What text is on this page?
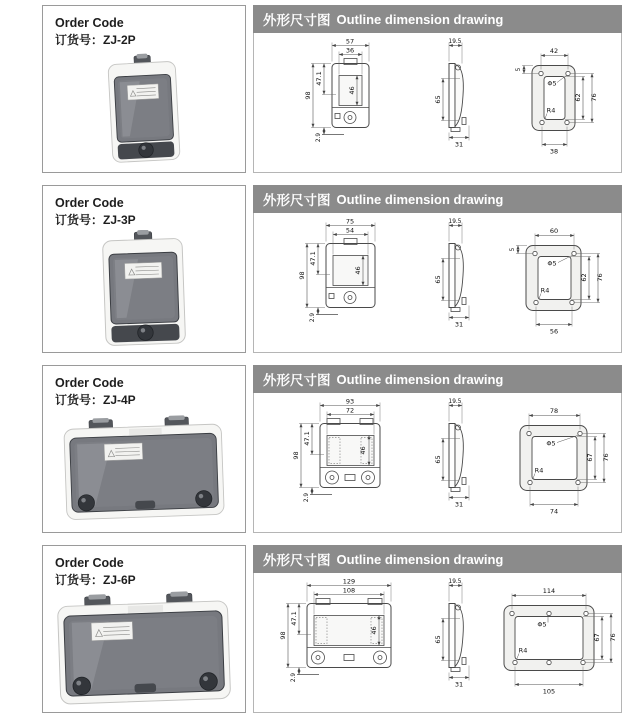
Order Code
订货号：ZJ-2P
外形尺寸图 Outline dimension drawing
57
36
98
47.1
46
2.9
19.5
65
31
42
38
62 76
Φ5
R4
5
Order Code
订货号：ZJ-3P
外形尺寸图 Outline dimension drawing
75
54
98
47.1
46
2.9
19.5
65
31
60
56
62 76
Φ5
R4
5
Order Code
订货号：ZJ-4P
外形尺寸图 Outline dimension drawing
93
72
98
47.1
46
2.9
19.5
65
31
78
74
67 76
Φ5
R4
Order Code
订货号：ZJ-6P
外形尺寸图 Outline dimension drawing
129
108
98
47.1
46
2.9
19.5
65
31
114
105
67 76
Φ5
R4
